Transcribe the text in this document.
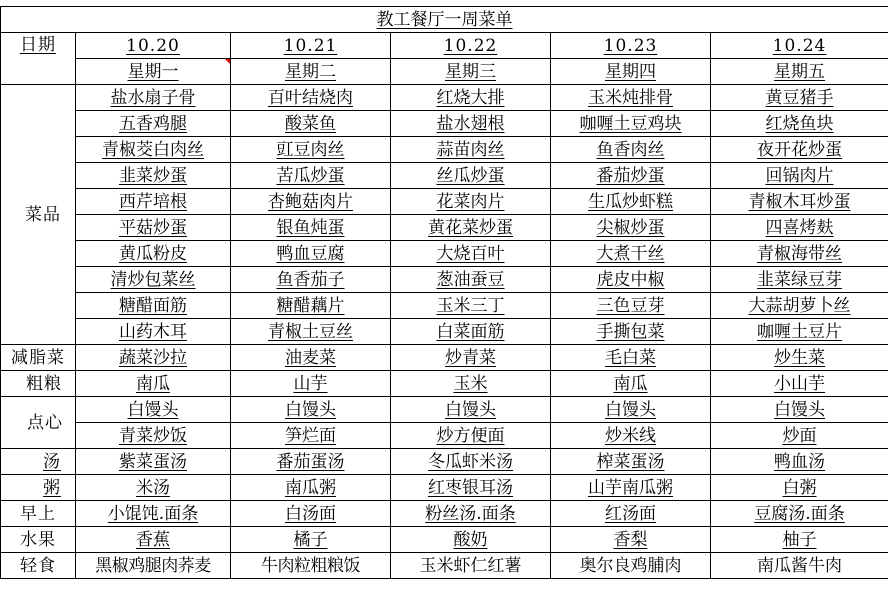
教工餐厅一周菜单					
日期	10.20	10.21	10.22	10.23	10.24
	星期一	星期二	星期三	星期四	星期五
菜品	盐水扇子骨	百叶结烧肉	红烧大排	玉米炖排骨	黄豆猪手
	五香鸡腿	酸菜鱼	盐水翅根	咖喱土豆鸡块	红烧鱼块
	青椒茭白肉丝	豇豆肉丝	蒜苗肉丝	鱼香肉丝	夜开花炒蛋
	韭菜炒蛋	苦瓜炒蛋	丝瓜炒蛋	番茄炒蛋	回锅肉片
	西芹培根	杏鲍菇肉片	花菜肉片	生瓜炒虾糕	青椒木耳炒蛋
	平菇炒蛋	银鱼炖蛋	黄花菜炒蛋	尖椒炒蛋	四喜烤麸
	黄瓜粉皮	鸭血豆腐	大烧百叶	大煮干丝	青椒海带丝
	清炒包菜丝	鱼香茄子	葱油蚕豆	虎皮中椒	韭菜绿豆芽
	糖醋面筋	糖醋藕片	玉米三丁	三色豆芽	大蒜胡萝卜丝
	山药木耳	青椒土豆丝	白菜面筋	手撕包菜	咖喱土豆片
减脂菜	蔬菜沙拉	油麦菜	炒青菜	毛白菜	炒生菜
粗粮	南瓜	山芋	玉米	南瓜	小山芋
点心	白馒头	白馒头	白馒头	白馒头	白馒头
	青菜炒饭	笋烂面	炒方便面	炒米线	炒面
汤	紫菜蛋汤	番茄蛋汤	冬瓜虾米汤	榨菜蛋汤	鸭血汤
粥	米汤	南瓜粥	红枣银耳汤	山芋南瓜粥	白粥
早上	小馄饨.面条	白汤面	粉丝汤.面条	红汤面	豆腐汤.面条
水果	香蕉	橘子	酸奶	香梨	柚子
轻食	黑椒鸡腿肉荞麦	牛肉粒粗粮饭	玉米虾仁红薯	奥尔良鸡脯肉	南瓜酱牛肉
